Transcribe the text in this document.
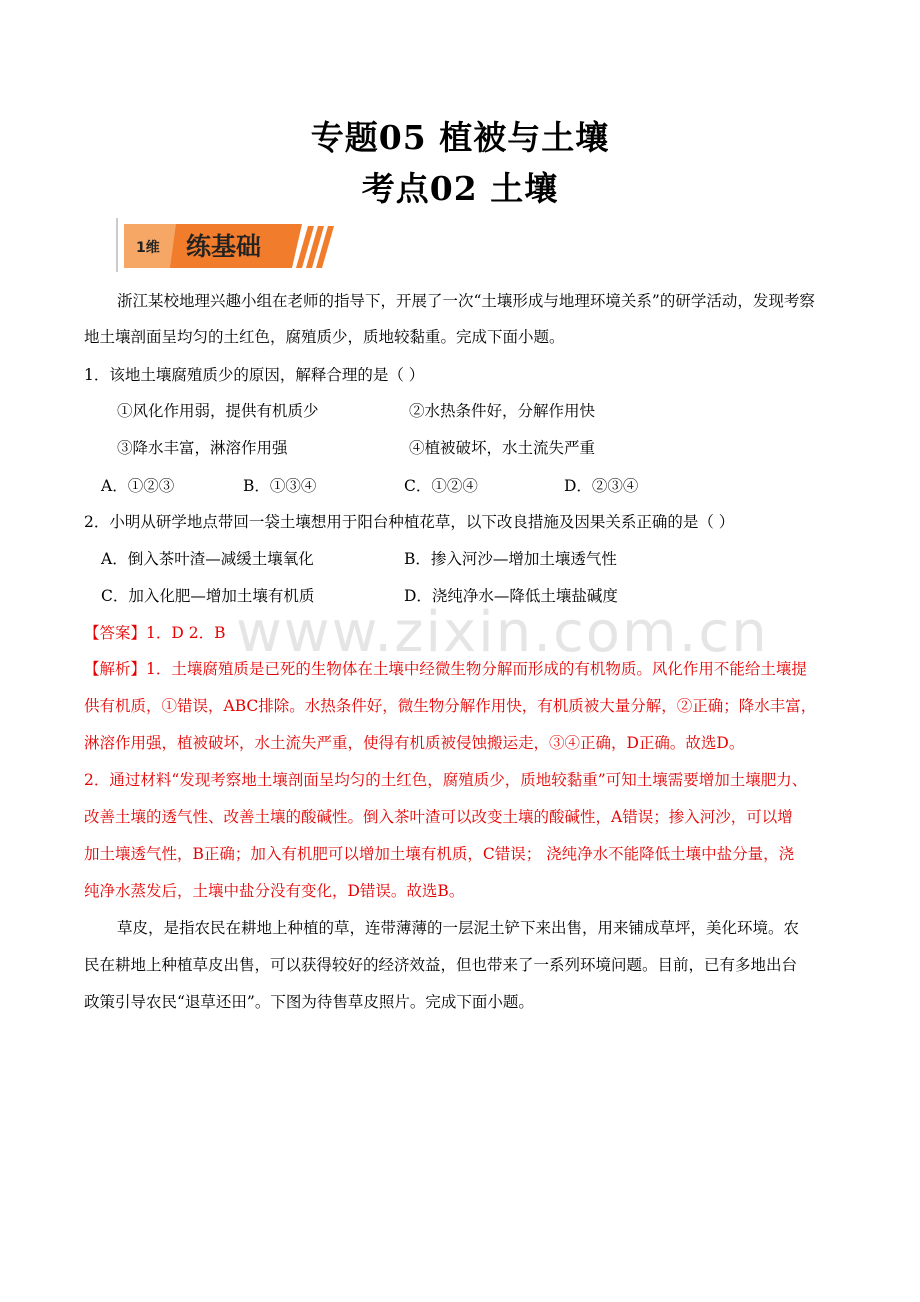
专题05 植被与土壤
考点02 土壤
1维 练基础
浙江某校地理兴趣小组在老师的指导下，开展了一次“土壤形成与地理环境关系”的研学活动，发现考察
地土壤剖面呈均匀的土红色，腐殖质少，质地较黏重。完成下面小题。
1．该地土壤腐殖质少的原因，解释合理的是（ ）
①风化作用弱，提供有机质少	②水热条件好，分解作用快
③降水丰富，淋溶作用强	④植被破坏，水土流失严重
A．①②③	B．①③④	C．①②④	D．②③④
2．小明从研学地点带回一袋土壤想用于阳台种植花草，以下改良措施及因果关系正确的是（ ）
A．倒入茶叶渣—减缓土壤氧化	B．掺入河沙—增加土壤透气性
C．加入化肥—增加土壤有机质	D．浇纯净水—降低土壤盐碱度
www.zixin.com.cn
【答案】1．D 2．B
【解析】1．土壤腐殖质是已死的生物体在土壤中经微生物分解而形成的有机物质。风化作用不能给土壤提
供有机质，①错误，ABC排除。水热条件好，微生物分解作用快，有机质被大量分解，②正确；降水丰富，
淋溶作用强，植被破坏，水土流失严重，使得有机质被侵蚀搬运走，③④正确，D正确。故选D。
2．通过材料“发现考察地土壤剖面呈均匀的土红色，腐殖质少，质地较黏重”可知土壤需要增加土壤肥力、
改善土壤的透气性、改善土壤的酸碱性。倒入茶叶渣可以改变土壤的酸碱性，A错误；掺入河沙，可以增
加土壤透气性，B正确；加入有机肥可以增加土壤有机质，C错误； 浇纯净水不能降低土壤中盐分量，浇
纯净水蒸发后，土壤中盐分没有变化，D错误。故选B。
草皮，是指农民在耕地上种植的草，连带薄薄的一层泥土铲下来出售，用来铺成草坪，美化环境。农
民在耕地上种植草皮出售，可以获得较好的经济效益，但也带来了一系列环境问题。目前，已有多地出台
政策引导农民“退草还田”。下图为待售草皮照片。完成下面小题。
